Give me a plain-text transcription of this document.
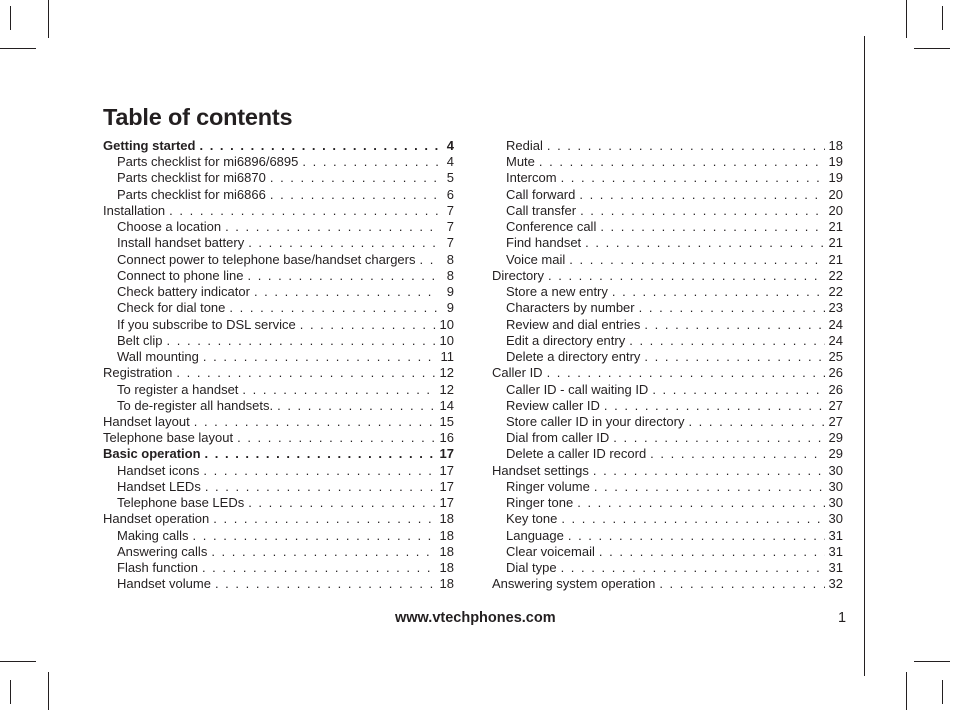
Table of contents
Getting started . . .	4
Parts checklist for mi6896/6895 . . .	4
Parts checklist for mi6870 . . .	5
Parts checklist for mi6866 . . .	6
Installation . . .	7
Choose a location . . .	7
Install handset battery . . .	7
Connect power to telephone base/handset chargers . . .	8
Connect to phone line . . .	8
Check battery indicator . . .	9
Check for dial tone . . .	9
If you subscribe to DSL service . . .	10
Belt clip . . .	10
Wall mounting . . .	11
Registration . . .	12
To register a handset . . .	12
To de-register all handsets. . . .	14
Handset layout . . .	15
Telephone base layout . . .	16
Basic operation . . .	17
Handset icons . . .	17
Handset LEDs . . .	17
Telephone base LEDs . . .	17
Handset operation . . .	18
Making calls . . .	18
Answering calls . . .	18
Flash function . . .	18
Handset volume . . .	18
Redial . . .	18
Mute . . .	19
Intercom . . .	19
Call forward . . .	20
Call transfer . . .	20
Conference call . . .	21
Find handset . . .	21
Voice mail . . .	21
Directory . . .	22
Store a new entry . . .	22
Characters by number . . .	23
Review and dial entries . . .	24
Edit a directory entry . . .	24
Delete a directory entry . . .	25
Caller ID . . .	26
Caller ID - call waiting ID . . .	26
Review caller ID . . .	27
Store caller ID in your directory . . .	27
Dial from caller ID . . .	29
Delete a caller ID record . . .	29
Handset settings . . .	30
Ringer volume . . .	30
Ringer tone . . .	30
Key tone . . .	30
Language . . .	31
Clear voicemail . . .	31
Dial type . . .	31
Answering system operation . . .	32

www.vtechphones.com	1
